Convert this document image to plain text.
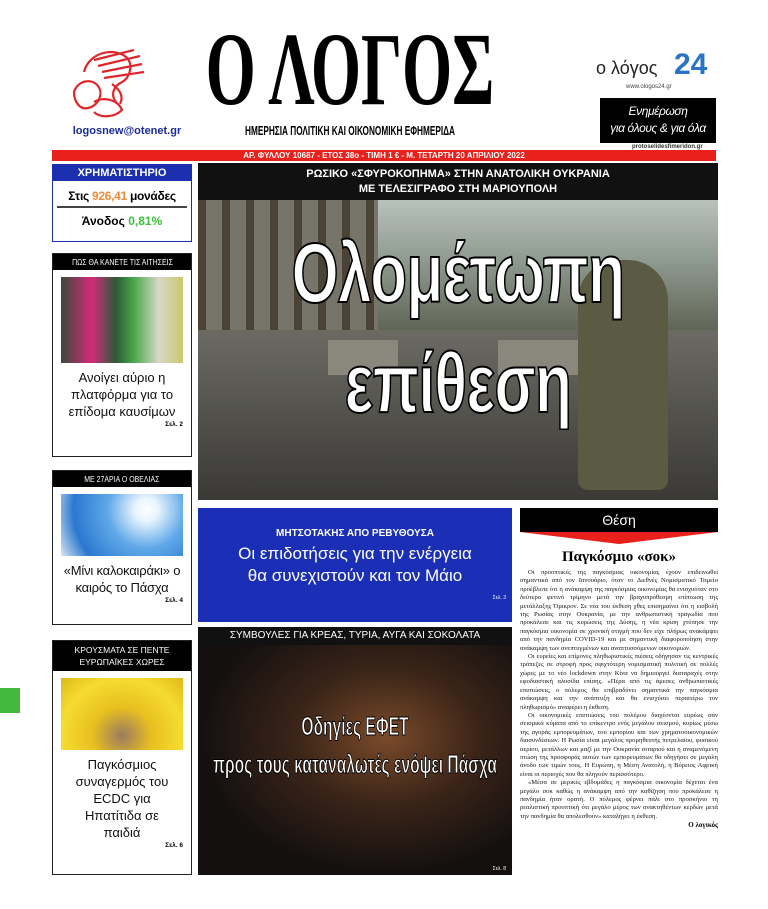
logosnew@otenet.gr
Ο ΛΟΓΟΣ
ΗΜΕΡΗΣΙΑ ΠΟΛΙΤΙΚΗ ΚΑΙ ΟΙΚΟΝΟΜΙΚΗ ΕΦΗΜΕΡΙΔΑ
ο λόγος 24
www.ologos24.gr
Ενημέρωση
για όλους & για όλα
protoselidesfimeridon.gr
ΑΡ. ΦΥΛΛΟΥ 10687 - ΕΤΟΣ 38ο - ΤΙΜΗ 1 € - Μ. ΤΕΤΑΡΤΗ 20 ΑΠΡΙΛΙΟΥ 2022
ΧΡΗΜΑΤΙΣΤΗΡΙΟ
Στις 926,41 μονάδες
Άνοδος 0,81%
ΠΩΣ ΘΑ ΚΑΝΕΤΕ ΤΙΣ ΑΙΤΗΣΕΙΣ
Ανοίγει αύριο η πλατφόρμα για το επίδομα καυσίμων
Σελ. 2
ΜΕ 27ΑΡΙΑ Ο ΟΒΕΛΙΑΣ
«Μίνι καλοκαιράκι» ο καιρός το Πάσχα
Σελ. 4
ΚΡΟΥΣΜΑΤΑ ΣΕ ΠΕΝΤΕ ΕΥΡΩΠΑΪΚΕΣ ΧΩΡΕΣ
Παγκόσμιος συναγερμός του ECDC για Ηπατίτιδα σε παιδιά
Σελ. 6
ΡΩΣΙΚΟ «ΣΦΥΡΟΚΟΠΗΜΑ» ΣΤΗΝ ΑΝΑΤΟΛΙΚΗ ΟΥΚΡΑΝΙΑ
ΜΕ ΤΕΛΕΣΙΓΡΑΦΟ ΣΤΗ ΜΑΡΙΟΥΠΟΛΗ
Ολομέτωπη
επίθεση
ΜΗΤΣΟΤΑΚΗΣ ΑΠΟ ΡΕΒΥΘΟΥΣΑ
Οι επιδοτήσεις για την ενέργεια
θα συνεχιστούν και τον Μάιο
Σελ. 3
ΣΥΜΒΟΥΛΕΣ ΓΙΑ ΚΡΕΑΣ, ΤΥΡΙΑ, ΑΥΓΑ ΚΑΙ ΣΟΚΟΛΑΤΑ
Οδηγίες ΕΦΕΤ
προς τους καταναλωτές ενόψει Πάσχα
Σελ. 8
Θέση
Παγκόσμιο «σοκ»

Οι προοπτικές της παγκόσμιας οικονομίας έχουν επιδεινωθεί σημαντικά από τον Ιανουάριο, όταν το Διεθνές Νομισματικό Ταμείο προέβλεπε ότι η ανάκαμψη της παγκόσμιας οικονομίας θα ενισχυόταν στο δεύτερο φετινό τρίμηνο μετά την βραχυπρόθεσμη επίπτωση της μετάλλαξης Όμικρον. Σε νέα του έκθεση χθες επισημαίνει ότι η εισβολή της Ρωσίας στην Ουκρανία, με την ανθρωπιστική τραγωδία που προκάλεσε και τις κυρώσεις της Δύσης, η νέα κρίση χτύπησε την παγκόσμια οικονομία σε χρονική στιγμή που δεν είχε πλήρως ανακάμψει από την πανδημία COVID-19 και με σημαντική διαφοροποίηση στην ανάκαμψη των ανεπτυγμένων και αναπτυσσόμενων οικονομιών.

Οι ευρείες και επίμονες πληθωριστικές πιέσεις οδήγησαν τις κεντρικές τράπεζες σε στροφή προς σφιχτότερη νομισματική πολιτική σε πολλές χώρες με το νέο lockdown στην Κίνα να δημιουργεί διαταραχές στην εφοδιαστική αλυσίδα επίσης. «Πέρα από τις άμεσες ανθρωπιστικές επιπτώσεις, ο πόλεμος θα επιβραδύνει σημαντικά την παγκόσμια ανάκαμψη και την ανάπτυξη και θα ενισχύσει περαιτέρω τον πληθωρισμό» αναφέρει η έκθεση.

Οι οικονομικές επιπτώσεις του πολέμου διαχέονται ευρέως σαν σεισμικά κύματα από το επίκεντρο ενός μεγάλου σεισμού, κυρίως μέσω της αγοράς εμπορευμάτων, του εμπορίου και των χρηματοοικονομικών διασυνδέσεων. Η Ρωσία είναι μεγάλος προμηθευτής πετρελαίου, φυσικού αερίου, μετάλλων και μαζί με την Ουκρανία σιταριού και η αναμενόμενη πτώση της προσφοράς αυτών των εμπορευμάτων θα οδηγήσει σε μεγάλη άνοδο των τιμών τους. Η Ευρώπη, η Μέση Ανατολή, η Βόρειος Αφρική είναι οι περιοχές που θα πληγούν περισσότερο.

«Μέσα σε μερικές εβδομάδες η παγκόσμια οικονομία δέχεται ένα μεγάλο σοκ καθώς η ανάκαμψη από την καθίζηση που προκάλεσε η πανδημία ήταν ορατή. Ο πόλεμος φέρνει πάλι στο προσκήνιο τη ρεαλιστική προοπτική ότι μεγάλο μέρος των ανακτηθέντων κερδών μετά την πανδημία θα απολεσθούν» καταλήγει η έκθεση.

Ο λογικός
